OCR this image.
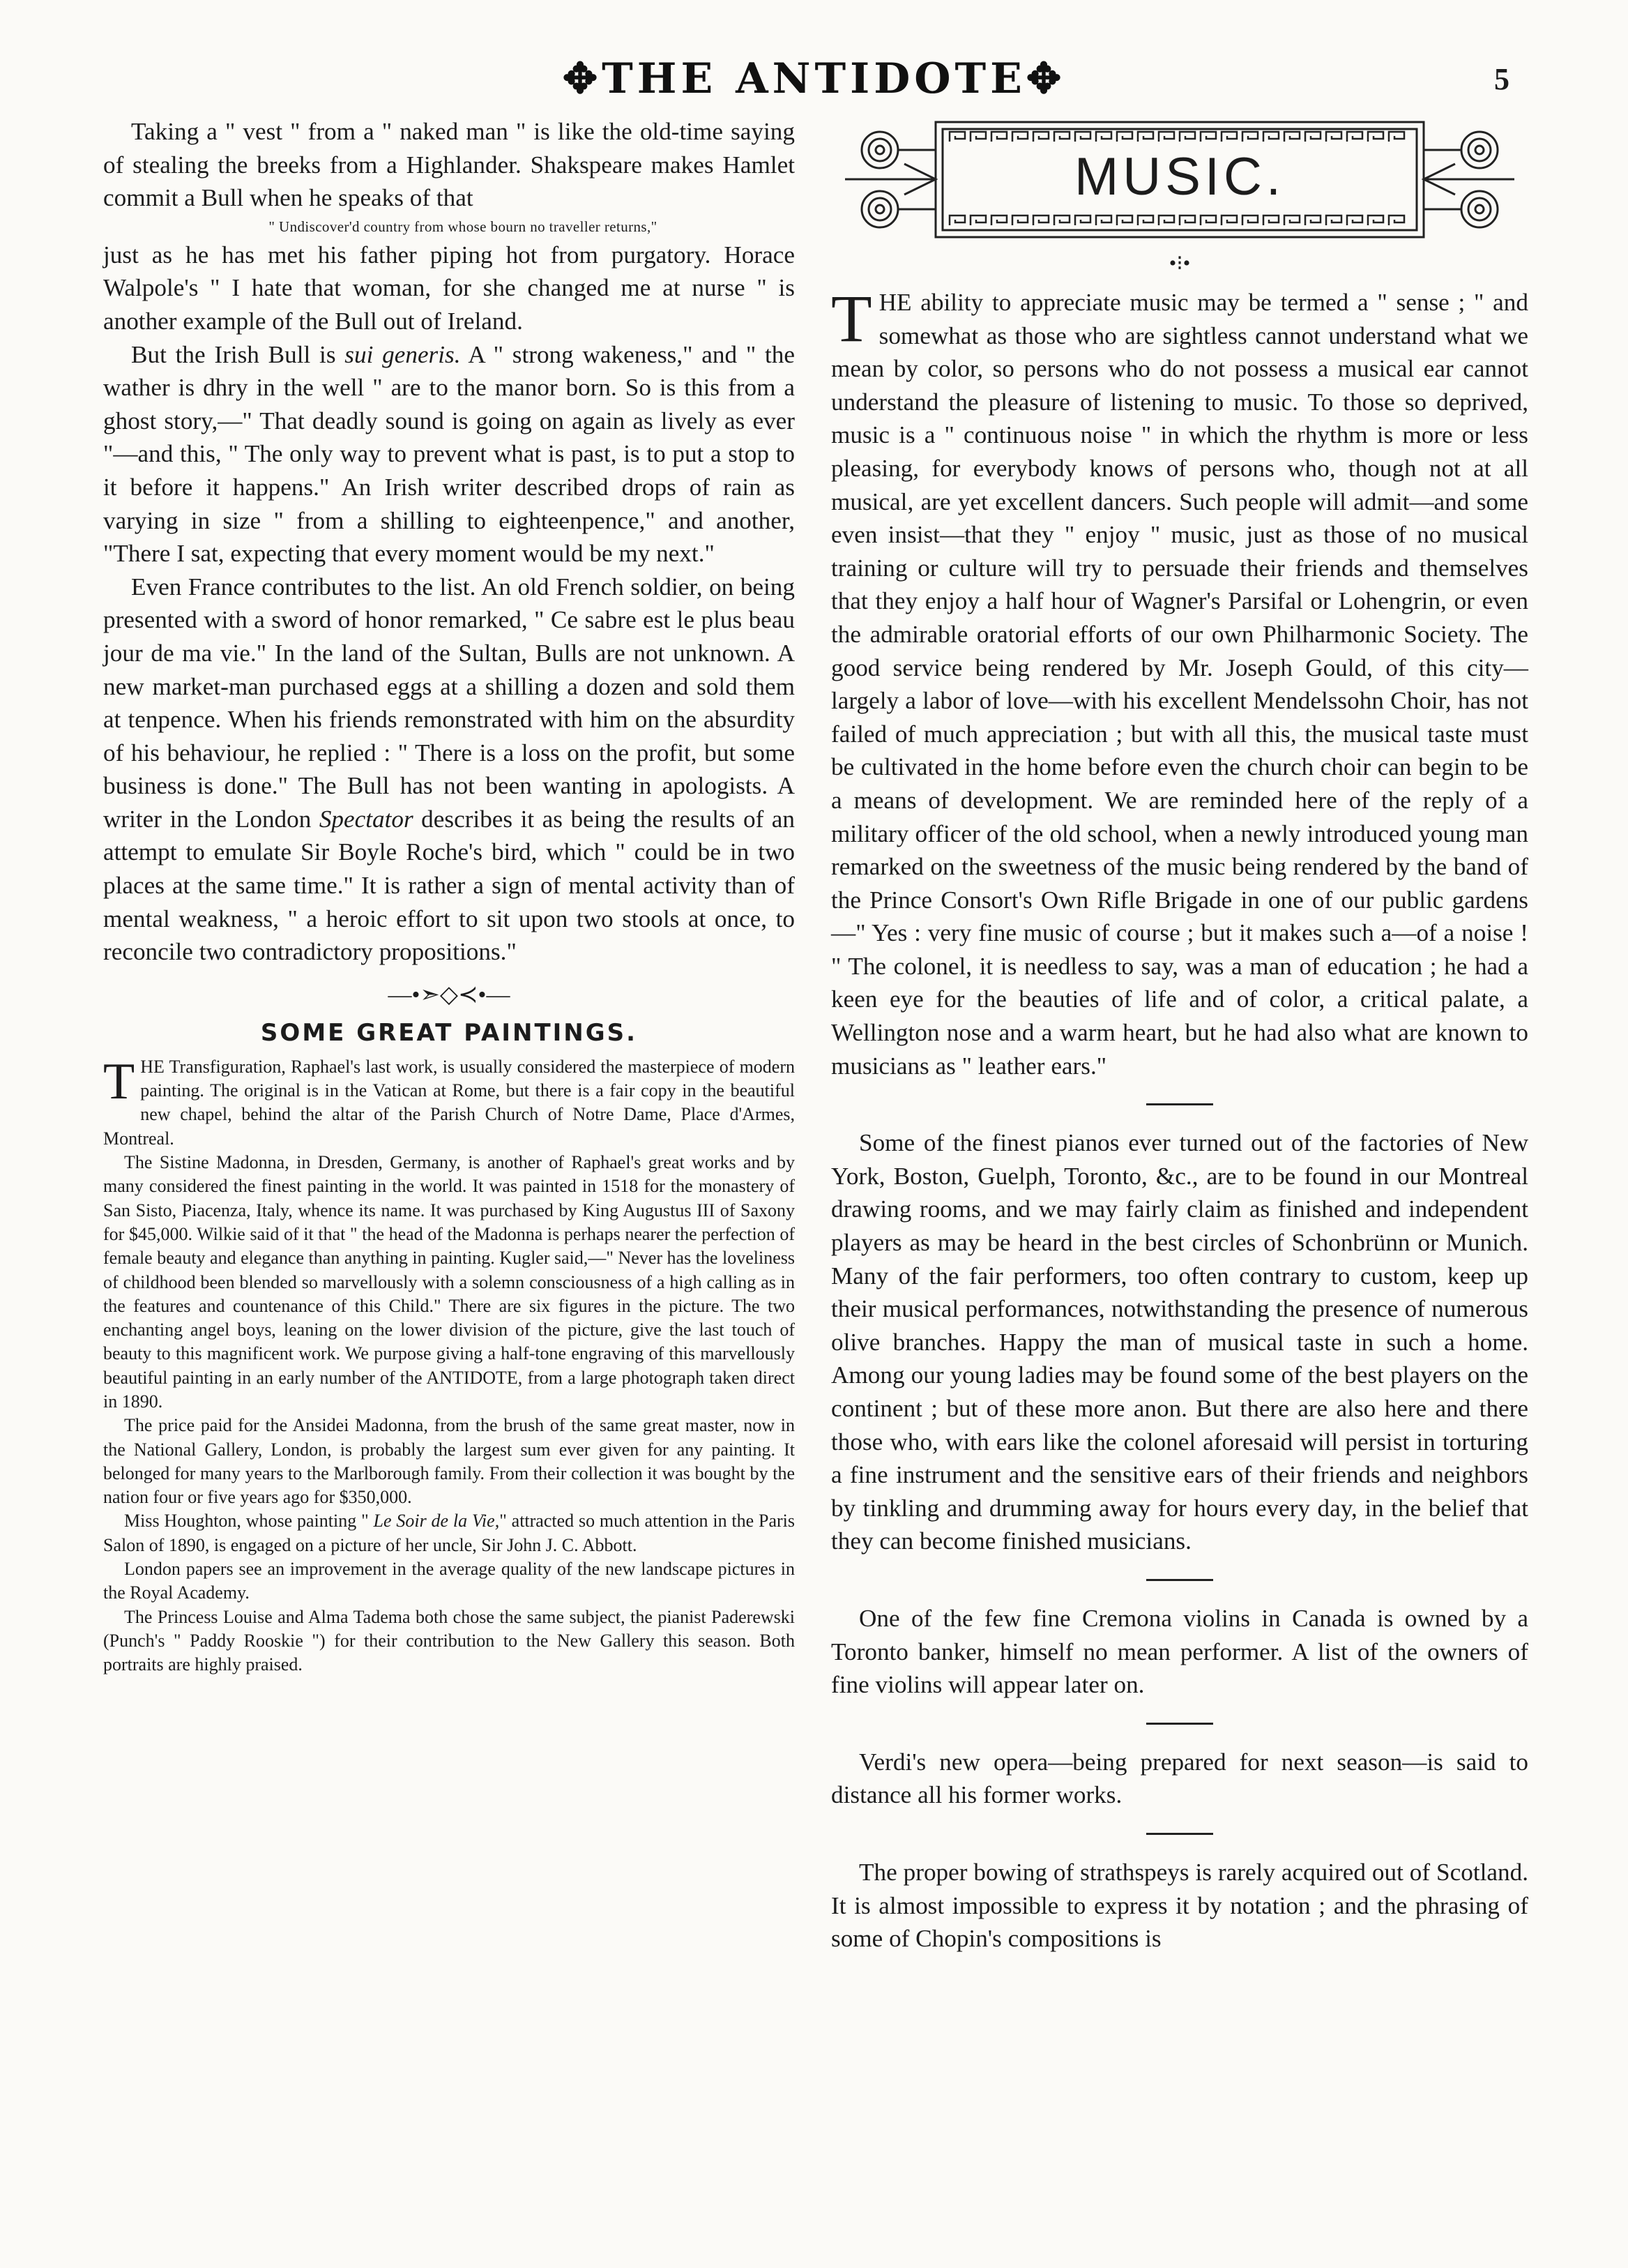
✥THE ANTIDOTE✥	5

Taking a " vest " from a " naked man " is like the old-time saying of stealing the breeks from a Highlander. Shakspeare makes Hamlet commit a Bull when he speaks of that

" Undiscover'd country from whose bourn no traveller returns,"

just as he has met his father piping hot from purgatory. Horace Walpole's " I hate that woman, for she changed me at nurse " is another example of the Bull out of Ireland.

But the Irish Bull is sui generis. A " strong wakeness," and " the wather is dhry in the well " are to the manor born. So is this from a ghost story,—" That deadly sound is going on again as lively as ever "—and this, " The only way to prevent what is past, is to put a stop to it before it happens." An Irish writer described drops of rain as varying in size " from a shilling to eighteenpence," and another, "There I sat, expecting that every moment would be my next."

Even France contributes to the list. An old French soldier, on being presented with a sword of honor remarked, " Ce sabre est le plus beau jour de ma vie." In the land of the Sultan, Bulls are not unknown. A new market-man purchased eggs at a shilling a dozen and sold them at tenpence. When his friends remonstrated with him on the absurdity of his behaviour, he replied : " There is a loss on the profit, but some business is done." The Bull has not been wanting in apologists. A writer in the London Spectator describes it as being the results of an attempt to emulate Sir Boyle Roche's bird, which " could be in two places at the same time." It is rather a sign of mental activity than of mental weakness, " a heroic effort to sit upon two stools at once, to reconcile two contradictory propositions."

—•➣◇≺•—
SOME GREAT PAINTINGS.

THE Transfiguration, Raphael's last work, is usually considered the masterpiece of modern painting. The original is in the Vatican at Rome, but there is a fair copy in the beautiful new chapel, behind the altar of the Parish Church of Notre Dame, Place d'Armes, Montreal.

The Sistine Madonna, in Dresden, Germany, is another of Raphael's great works and by many considered the finest painting in the world. It was painted in 1518 for the monastery of San Sisto, Piacenza, Italy, whence its name. It was purchased by King Augustus III of Saxony for $45,000. Wilkie said of it that " the head of the Madonna is perhaps nearer the perfection of female beauty and elegance than anything in painting. Kugler said,—" Never has the loveliness of childhood been blended so marvellously with a solemn consciousness of a high calling as in the features and countenance of this Child." There are six figures in the picture. The two enchanting angel boys, leaning on the lower division of the picture, give the last touch of beauty to this magnificent work. We purpose giving a half-tone engraving of this marvellously beautiful painting in an early number of the ANTIDOTE, from a large photograph taken direct in 1890.

The price paid for the Ansidei Madonna, from the brush of the same great master, now in the National Gallery, London, is probably the largest sum ever given for any painting. It belonged for many years to the Marlborough family. From their collection it was bought by the nation four or five years ago for $350,000.

Miss Houghton, whose painting " Le Soir de la Vie," attracted so much attention in the Paris Salon of 1890, is engaged on a picture of her uncle, Sir John J. C. Abbott.

London papers see an improvement in the average quality of the new landscape pictures in the Royal Academy.

The Princess Louise and Alma Tadema both chose the same subject, the pianist Paderewski (Punch's " Paddy Rooskie ") for their contribution to the New Gallery this season. Both portraits are highly praised.

MUSIC.
•⁝•

THE ability to appreciate music may be termed a " sense ; " and somewhat as those who are sightless cannot understand what we mean by color, so persons who do not possess a musical ear cannot understand the pleasure of listening to music. To those so deprived, music is a " continuous noise " in which the rhythm is more or less pleasing, for everybody knows of persons who, though not at all musical, are yet excellent dancers. Such people will admit—and some even insist—that they " enjoy " music, just as those of no musical training or culture will try to persuade their friends and themselves that they enjoy a half hour of Wagner's Parsifal or Lohengrin, or even the admirable oratorial efforts of our own Philharmonic Society. The good service being rendered by Mr. Joseph Gould, of this city—largely a labor of love—with his excellent Mendelssohn Choir, has not failed of much appreciation ; but with all this, the musical taste must be cultivated in the home before even the church choir can begin to be a means of development. We are reminded here of the reply of a military officer of the old school, when a newly introduced young man remarked on the sweetness of the music being rendered by the band of the Prince Consort's Own Rifle Brigade in one of our public gardens—" Yes : very fine music of course ; but it makes such a—of a noise ! " The colonel, it is needless to say, was a man of education ; he had a keen eye for the beauties of life and of color, a critical palate, a Wellington nose and a warm heart, but he had also what are known to musicians as " leather ears."

Some of the finest pianos ever turned out of the factories of New York, Boston, Guelph, Toronto, &c., are to be found in our Montreal drawing rooms, and we may fairly claim as finished and independent players as may be heard in the best circles of Schonbrünn or Munich. Many of the fair performers, too often contrary to custom, keep up their musical performances, notwithstanding the presence of numerous olive branches. Happy the man of musical taste in such a home. Among our young ladies may be found some of the best players on the continent ; but of these more anon. But there are also here and there those who, with ears like the colonel aforesaid will persist in torturing a fine instrument and the sensitive ears of their friends and neighbors by tinkling and drumming away for hours every day, in the belief that they can become finished musicians.

One of the few fine Cremona violins in Canada is owned by a Toronto banker, himself no mean performer. A list of the owners of fine violins will appear later on.

Verdi's new opera—being prepared for next season—is said to distance all his former works.

The proper bowing of strathspeys is rarely acquired out of Scotland. It is almost impossible to express it by notation ; and the phrasing of some of Chopin's compositions is
